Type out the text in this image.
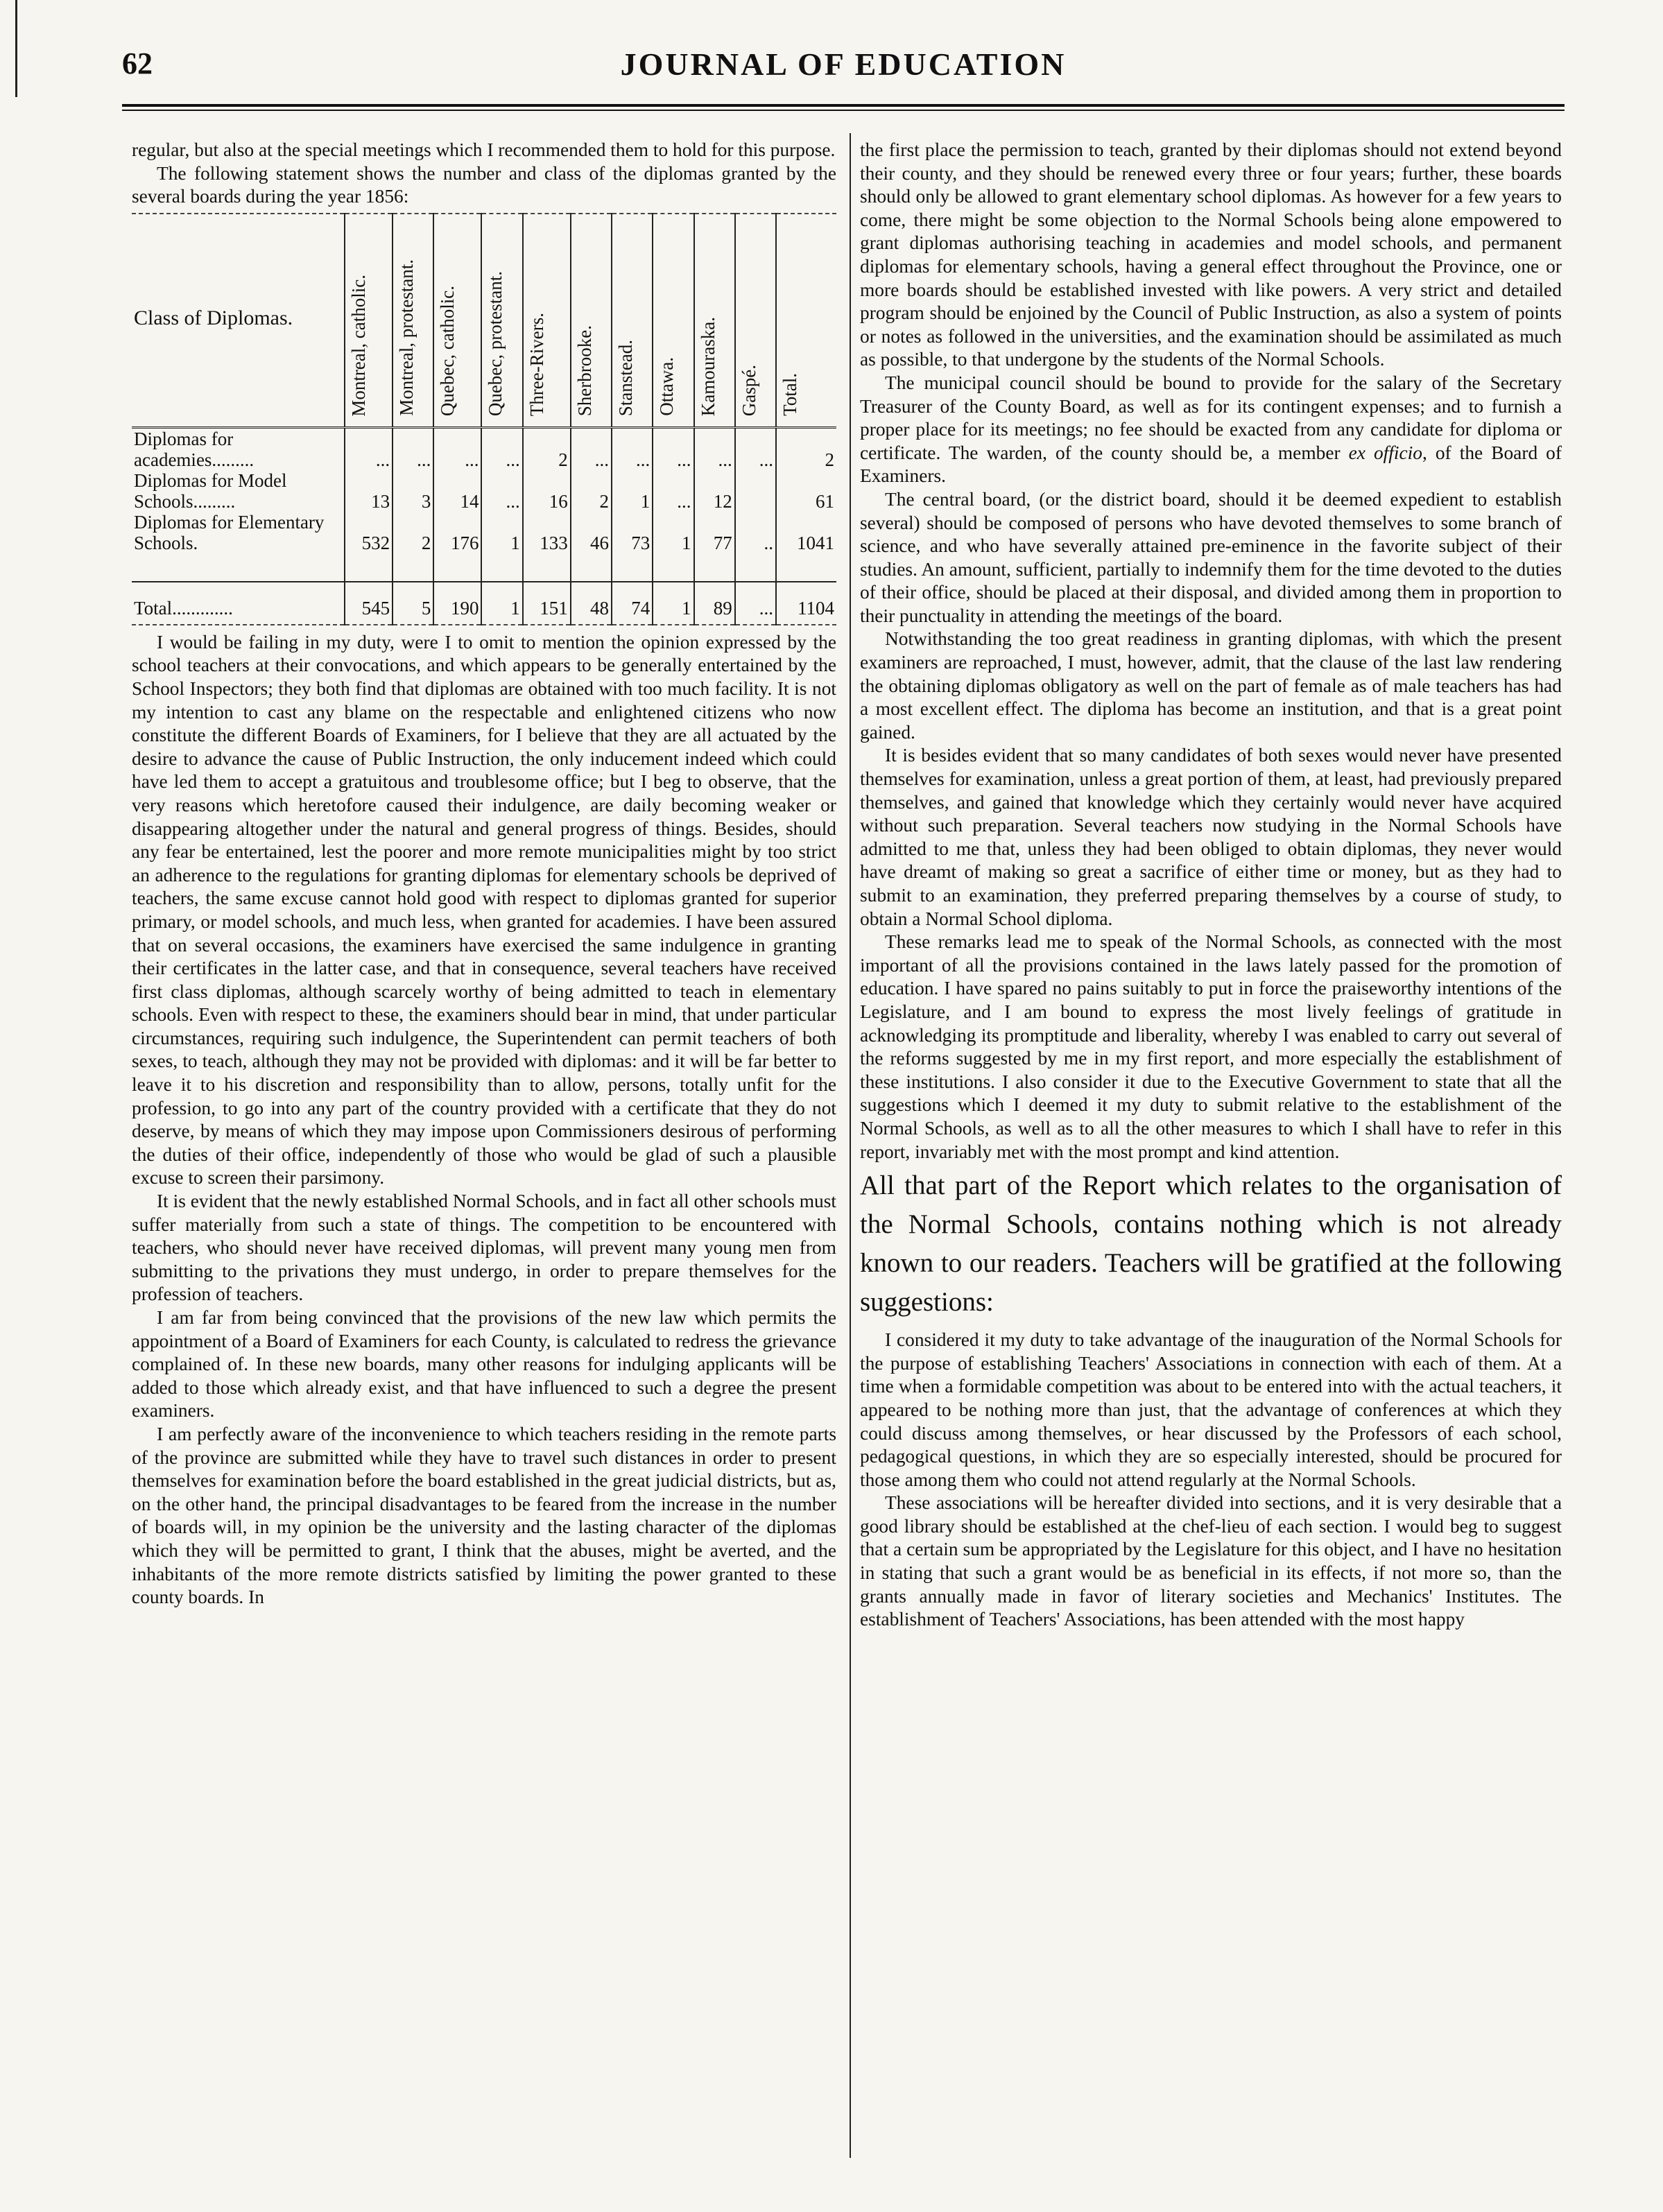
62	JOURNAL OF EDUCATION

regular, but also at the special meetings which I recommended them to hold for this purpose.

The following statement shows the number and class of the diplomas granted by the several boards during the year 1856:

Class of Diplomas.	Montreal, catholic.	Montreal, protestant.	Quebec, catholic.	Quebec, protestant.	Three-Rivers.	Sherbrooke.	Stanstead.	Ottawa.	Kamouraska.	Gaspé.	Total.
Diplomas for academies.........	...	...	...	...	2	...	...	...	...	...	2
Diplomas for Model Schools.........	13	3	14	...	16	2	1	...	12		61
Diplomas for Elementary Schools.	532	2	176	1	133	46	73	1	77	..	1041

Total.............	545	5	190	1	151	48	74	1	89	...	1104

I would be failing in my duty, were I to omit to mention the opinion expressed by the school teachers at their convocations, and which appears to be generally entertained by the School Inspectors; they both find that diplomas are obtained with too much facility. It is not my intention to cast any blame on the respectable and enlightened citizens who now constitute the different Boards of Examiners, for I believe that they are all actuated by the desire to advance the cause of Public Instruction, the only inducement indeed which could have led them to accept a gratuitous and troublesome office; but I beg to observe, that the very reasons which heretofore caused their indulgence, are daily becoming weaker or disappearing altogether under the natural and general progress of things. Besides, should any fear be entertained, lest the poorer and more remote municipalities might by too strict an adherence to the regulations for granting diplomas for elementary schools be deprived of teachers, the same excuse cannot hold good with respect to diplomas granted for superior primary, or model schools, and much less, when granted for academies. I have been assured that on several occasions, the examiners have exercised the same indulgence in granting their certificates in the latter case, and that in consequence, several teachers have received first class diplomas, although scarcely worthy of being admitted to teach in elementary schools. Even with respect to these, the examiners should bear in mind, that under particular circumstances, requiring such indulgence, the Superintendent can permit teachers of both sexes, to teach, although they may not be provided with diplomas: and it will be far better to leave it to his discretion and responsibility than to allow, persons, totally unfit for the profession, to go into any part of the country provided with a certificate that they do not deserve, by means of which they may impose upon Commissioners desirous of performing the duties of their office, independently of those who would be glad of such a plausible excuse to screen their parsimony.

It is evident that the newly established Normal Schools, and in fact all other schools must suffer materially from such a state of things. The competition to be encountered with teachers, who should never have received diplomas, will prevent many young men from submitting to the privations they must undergo, in order to prepare themselves for the profession of teachers.

I am far from being convinced that the provisions of the new law which permits the appointment of a Board of Examiners for each County, is calculated to redress the grievance complained of. In these new boards, many other reasons for indulging applicants will be added to those which already exist, and that have influenced to such a degree the present examiners.

I am perfectly aware of the inconvenience to which teachers residing in the remote parts of the province are submitted while they have to travel such distances in order to present themselves for examination before the board established in the great judicial districts, but as, on the other hand, the principal disadvantages to be feared from the increase in the number of boards will, in my opinion be the university and the lasting character of the diplomas which they will be permitted to grant, I think that the abuses, might be averted, and the inhabitants of the more remote districts satisfied by limiting the power granted to these county boards. In

the first place the permission to teach, granted by their diplomas should not extend beyond their county, and they should be renewed every three or four years; further, these boards should only be allowed to grant elementary school diplomas. As however for a few years to come, there might be some objection to the Normal Schools being alone empowered to grant diplomas authorising teaching in academies and model schools, and permanent diplomas for elementary schools, having a general effect throughout the Province, one or more boards should be established invested with like powers. A very strict and detailed program should be enjoined by the Council of Public Instruction, as also a system of points or notes as followed in the universities, and the examination should be assimilated as much as possible, to that undergone by the students of the Normal Schools.

The municipal council should be bound to provide for the salary of the Secretary Treasurer of the County Board, as well as for its contingent expenses; and to furnish a proper place for its meetings; no fee should be exacted from any candidate for diploma or certificate. The warden, of the county should be, a member ex officio, of the Board of Examiners.

The central board, (or the district board, should it be deemed expedient to establish several) should be composed of persons who have devoted themselves to some branch of science, and who have severally attained pre-eminence in the favorite subject of their studies. An amount, sufficient, partially to indemnify them for the time devoted to the duties of their office, should be placed at their disposal, and divided among them in proportion to their punctuality in attending the meetings of the board.

Notwithstanding the too great readiness in granting diplomas, with which the present examiners are reproached, I must, however, admit, that the clause of the last law rendering the obtaining diplomas obligatory as well on the part of female as of male teachers has had a most excellent effect. The diploma has become an institution, and that is a great point gained.

It is besides evident that so many candidates of both sexes would never have presented themselves for examination, unless a great portion of them, at least, had previously prepared themselves, and gained that knowledge which they certainly would never have acquired without such preparation. Several teachers now studying in the Normal Schools have admitted to me that, unless they had been obliged to obtain diplomas, they never would have dreamt of making so great a sacrifice of either time or money, but as they had to submit to an examination, they preferred preparing themselves by a course of study, to obtain a Normal School diploma.

These remarks lead me to speak of the Normal Schools, as connected with the most important of all the provisions contained in the laws lately passed for the promotion of education. I have spared no pains suitably to put in force the praiseworthy intentions of the Legislature, and I am bound to express the most lively feelings of gratitude in acknowledging its promptitude and liberality, whereby I was enabled to carry out several of the reforms suggested by me in my first report, and more especially the establishment of these institutions. I also consider it due to the Executive Government to state that all the suggestions which I deemed it my duty to submit relative to the establishment of the Normal Schools, as well as to all the other measures to which I shall have to refer in this report, invariably met with the most prompt and kind attention.

All that part of the Report which relates to the organisation of the Normal Schools, contains nothing which is not already known to our readers. Teachers will be gratified at the following suggestions:

I considered it my duty to take advantage of the inauguration of the Normal Schools for the purpose of establishing Teachers' Associations in connection with each of them. At a time when a formidable competition was about to be entered into with the actual teachers, it appeared to be nothing more than just, that the advantage of conferences at which they could discuss among themselves, or hear discussed by the Professors of each school, pedagogical questions, in which they are so especially interested, should be procured for those among them who could not attend regularly at the Normal Schools.

These associations will be hereafter divided into sections, and it is very desirable that a good library should be established at the chef-lieu of each section. I would beg to suggest that a certain sum be appropriated by the Legislature for this object, and I have no hesitation in stating that such a grant would be as beneficial in its effects, if not more so, than the grants annually made in favor of literary societies and Mechanics' Institutes. The establishment of Teachers' Associations, has been attended with the most happy
